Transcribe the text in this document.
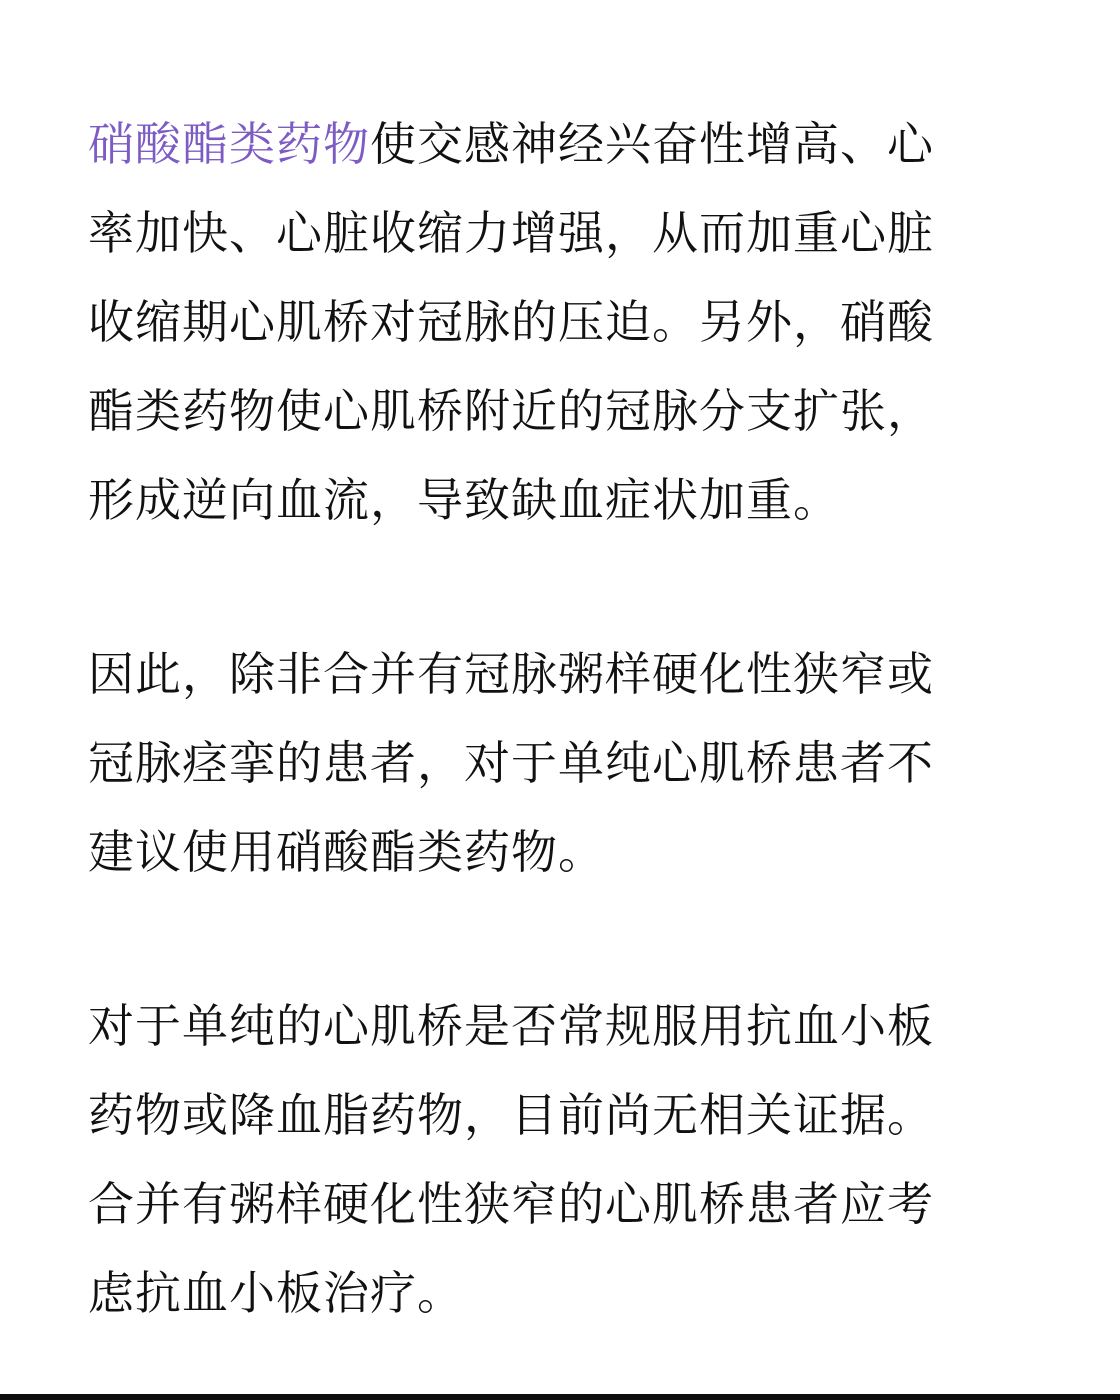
硝酸酯类药物使交感神经兴奋性增高、心
率加快、心脏收缩力增强，从而加重心脏
收缩期心肌桥对冠脉的压迫。另外，硝酸
酯类药物使心肌桥附近的冠脉分支扩张，
形成逆向血流，导致缺血症状加重。

因此，除非合并有冠脉粥样硬化性狭窄或
冠脉痉挛的患者，对于单纯心肌桥患者不
建议使用硝酸酯类药物。

对于单纯的心肌桥是否常规服用抗血小板
药物或降血脂药物，目前尚无相关证据。
合并有粥样硬化性狭窄的心肌桥患者应考
虑抗血小板治疗。
